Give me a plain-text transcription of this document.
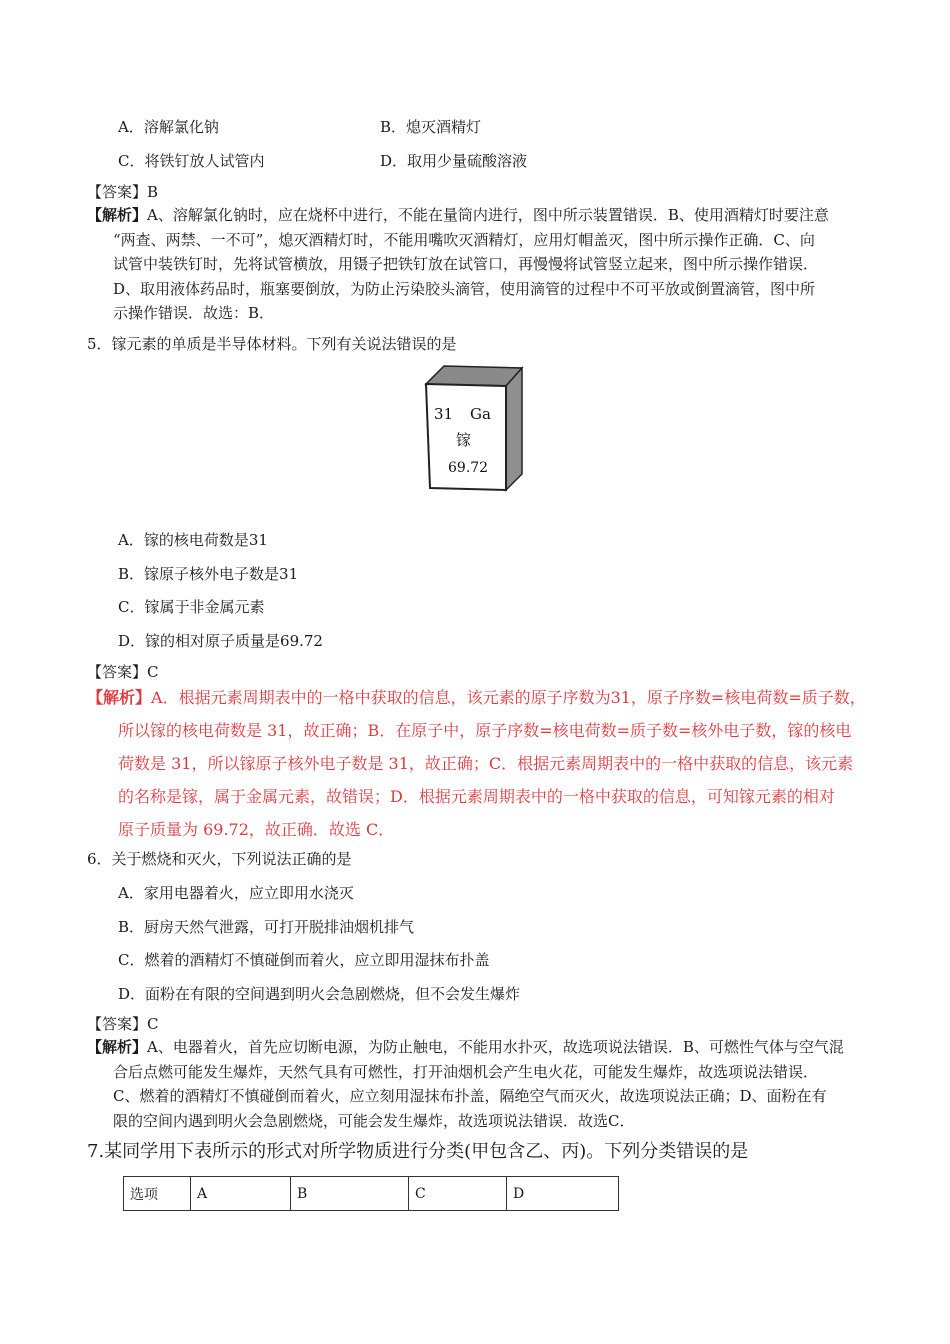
A．溶解氯化钠	B．熄灭酒精灯
C．将铁钉放人试管内	D．取用少量硫酸溶液
【答案】B
【解析】A、溶解氯化钠时，应在烧杯中进行，不能在量筒内进行，图中所示装置错误．B、使用酒精灯时要注意
“两查、两禁、一不可”，熄灭酒精灯时，不能用嘴吹灭酒精灯，应用灯帽盖灭，图中所示操作正确．C、向
试管中装铁钉时，先将试管横放，用镊子把铁钉放在试管口，再慢慢将试管竖立起来，图中所示操作错误．
D、取用液体药品时，瓶塞要倒放，为防止污染胶头滴管，使用滴管的过程中不可平放或倒置滴管，图中所
示操作错误．故选：B．
5．镓元素的单质是半导体材料。下列有关说法错误的是
31 Ga
镓
69.72
A．镓的核电荷数是31
B．镓原子核外电子数是31
C．镓属于非金属元素
D．镓的相对原子质量是69.72
【答案】C
【解析】A．根据元素周期表中的一格中获取的信息，该元素的原子序数为31，原子序数=核电荷数=质子数，
所以镓的核电荷数是 31，故正确；B．在原子中，原子序数=核电荷数=质子数=核外电子数，镓的核电
荷数是 31，所以镓原子核外电子数是 31，故正确；C．根据元素周期表中的一格中获取的信息，该元素
的名称是镓，属于金属元素，故错误；D．根据元素周期表中的一格中获取的信息，可知镓元素的相对
原子质量为 69.72，故正确．故选 C．
6．关于燃烧和灭火，下列说法正确的是
A．家用电器着火，应立即用水浇灭
B．厨房天然气泄露，可打开脱排油烟机排气
C．燃着的酒精灯不慎碰倒而着火，应立即用湿抹布扑盖
D．面粉在有限的空间遇到明火会急剧燃烧，但不会发生爆炸
【答案】C
【解析】A、电器着火，首先应切断电源，为防止触电，不能用水扑灭，故选项说法错误．B、可燃性气体与空气混
合后点燃可能发生爆炸，天然气具有可燃性，打开油烟机会产生电火花，可能发生爆炸，故选项说法错误．
C、燃着的酒精灯不慎碰倒而着火，应立刻用湿抹布扑盖，隔绝空气而灭火，故选项说法正确；D、面粉在有
限的空间内遇到明火会急剧燃烧，可能会发生爆炸，故选项说法错误．故选C．
7.某同学用下表所示的形式对所学物质进行分类(甲包含乙、丙)。下列分类错误的是
选项	A	B	C	D
